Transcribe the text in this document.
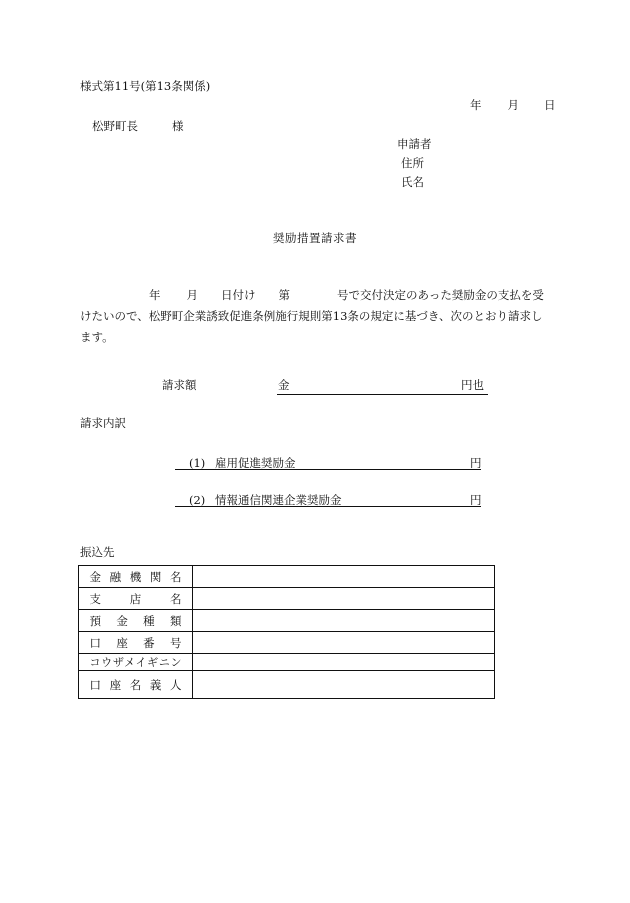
様式第11号(第13条関係)
年 月 日
松野町長	様
申請者
住所
氏名
奨励措置請求書
年 月 日付け 第	号で交付決定のあった奨励金の支払を受
けたいので、松野町企業誘致促進条例施行規則第13条の規定に基づき、次のとおり請求し
ます。
請求額	金	円也
請求内訳
(1) 雇用促進奨励金	円
(2) 情報通信関連企業奨励金	円
振込先
金融機関名	
支店名	
預金種類	
口座番号	
コウザメイギニン	
口座名義人	
